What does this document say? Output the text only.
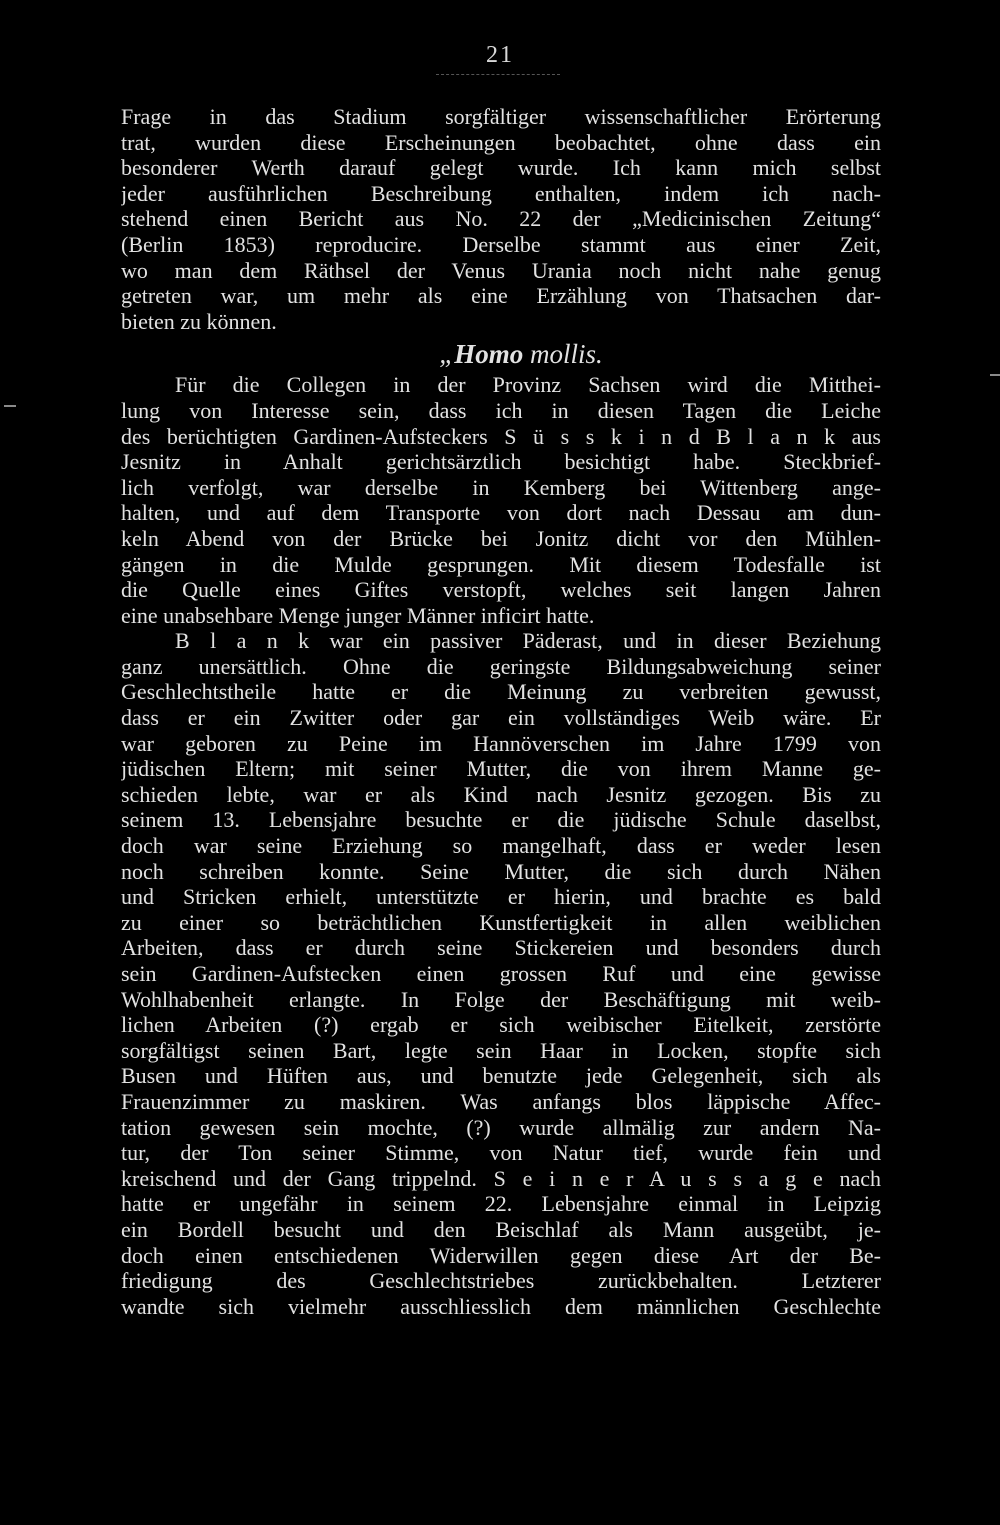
21
Frage in das Stadium sorgfältiger wissenschaftlicher Erörterung
trat, wurden diese Erscheinungen beobachtet, ohne dass ein
besonderer Werth darauf gelegt wurde. Ich kann mich selbst
jeder ausführlichen Beschreibung enthalten, indem ich nach-
stehend einen Bericht aus No. 22 der „Medicinischen Zeitung“
(Berlin 1853) reproducire. Derselbe stammt aus einer Zeit,
wo man dem Räthsel der Venus Urania noch nicht nahe genug
getreten war, um mehr als eine Erzählung von Thatsachen dar-
bieten zu können.
„Homo mollis.
Für die Collegen in der Provinz Sachsen wird die Mitthei-
lung von Interesse sein, dass ich in diesen Tagen die Leiche
des berüchtigten Gardinen-Aufsteckers S ü s s k i n d B l a n k aus
Jesnitz in Anhalt gerichtsärztlich besichtigt habe. Steckbrief-
lich verfolgt, war derselbe in Kemberg bei Wittenberg ange-
halten, und auf dem Transporte von dort nach Dessau am dun-
keln Abend von der Brücke bei Jonitz dicht vor den Mühlen-
gängen in die Mulde gesprungen. Mit diesem Todesfalle ist
die Quelle eines Giftes verstopft, welches seit langen Jahren
eine unabsehbare Menge junger Männer inficirt hatte.
B l a n k war ein passiver Päderast, und in dieser Beziehung
ganz unersättlich. Ohne die geringste Bildungsabweichung seiner
Geschlechtstheile hatte er die Meinung zu verbreiten gewusst,
dass er ein Zwitter oder gar ein vollständiges Weib wäre. Er
war geboren zu Peine im Hannöverschen im Jahre 1799 von
jüdischen Eltern; mit seiner Mutter, die von ihrem Manne ge-
schieden lebte, war er als Kind nach Jesnitz gezogen. Bis zu
seinem 13. Lebensjahre besuchte er die jüdische Schule daselbst,
doch war seine Erziehung so mangelhaft, dass er weder lesen
noch schreiben konnte. Seine Mutter, die sich durch Nähen
und Stricken erhielt, unterstützte er hierin, und brachte es bald
zu einer so beträchtlichen Kunstfertigkeit in allen weiblichen
Arbeiten, dass er durch seine Stickereien und besonders durch
sein Gardinen-Aufstecken einen grossen Ruf und eine gewisse
Wohlhabenheit erlangte. In Folge der Beschäftigung mit weib-
lichen Arbeiten (?) ergab er sich weibischer Eitelkeit, zerstörte
sorgfältigst seinen Bart, legte sein Haar in Locken, stopfte sich
Busen und Hüften aus, und benutzte jede Gelegenheit, sich als
Frauenzimmer zu maskiren. Was anfangs blos läppische Affec-
tation gewesen sein mochte, (?) wurde allmälig zur andern Na-
tur, der Ton seiner Stimme, von Natur tief, wurde fein und
kreischend und der Gang trippelnd. S e i n e r A u s s a g e nach
hatte er ungefähr in seinem 22. Lebensjahre einmal in Leipzig
ein Bordell besucht und den Beischlaf als Mann ausgeübt, je-
doch einen entschiedenen Widerwillen gegen diese Art der Be-
friedigung des Geschlechtstriebes zurückbehalten. Letzterer
wandte sich vielmehr ausschliesslich dem männlichen Geschlechte
